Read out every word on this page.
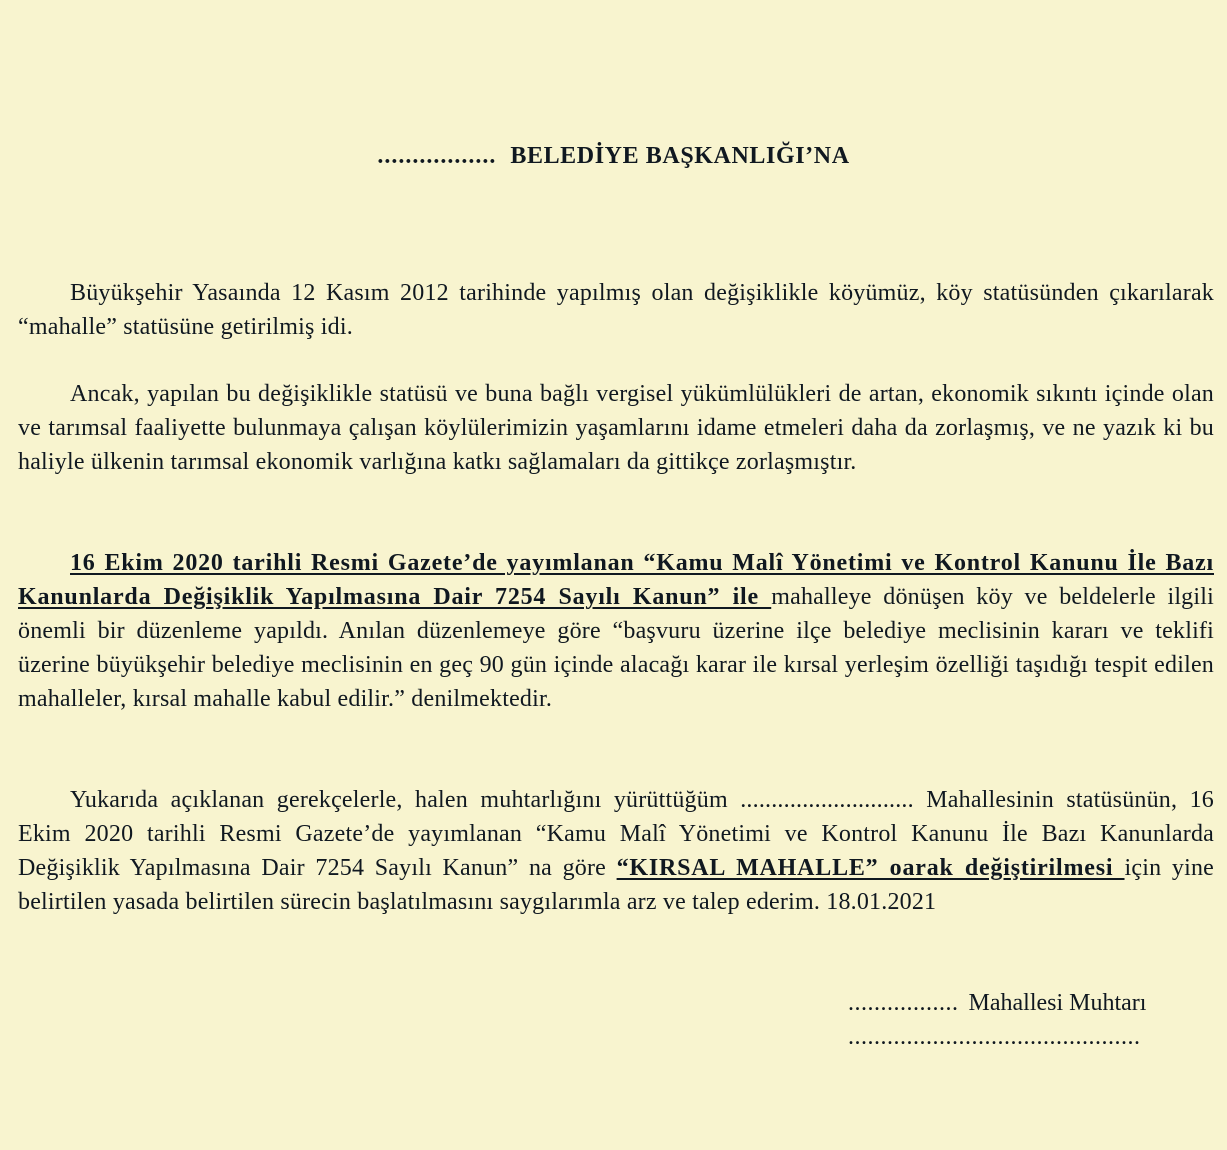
................. BELEDİYE BAŞKANLIĞI’NA
Büyükşehir Yasaında 12 Kasım 2012 tarihinde yapılmış olan değişiklikle köyümüz, köy statüsünden çıkarılarak “mahalle” statüsüne getirilmiş idi.
Ancak, yapılan bu değişiklikle statüsü ve buna bağlı vergisel yükümlülükleri de artan, ekonomik sıkıntı içinde olan ve tarımsal faaliyette bulunmaya çalışan köylülerimizin yaşamlarını idame etmeleri daha da zorlaşmış, ve ne yazık ki bu haliyle ülkenin tarımsal ekonomik varlığına katkı sağlamaları da gittikçe zorlaşmıştır.
16 Ekim 2020 tarihli Resmi Gazete’de yayımlanan “Kamu Malî Yönetimi ve Kontrol Kanunu İle Bazı Kanunlarda Değişiklik Yapılmasına Dair 7254 Sayılı Kanun” ile mahalleye dönüşen köy ve beldelerle ilgili önemli bir düzenleme yapıldı. Anılan düzenlemeye göre “başvuru üzerine ilçe belediye meclisinin kararı ve teklifi üzerine büyükşehir belediye meclisinin en geç 90 gün içinde alacağı karar ile kırsal yerleşim özelliği taşıdığı tespit edilen mahalleler, kırsal mahalle kabul edilir.” denilmektedir.
Yukarıda açıklanan gerekçelerle, halen muhtarlığını yürüttüğüm ............................ Mahallesinin statüsünün, 16 Ekim 2020 tarihli Resmi Gazete’de yayımlanan “Kamu Malî Yönetimi ve Kontrol Kanunu İle Bazı Kanunlarda Değişiklik Yapılmasına Dair 7254 Sayılı Kanun” na göre “KIRSAL MAHALLE” oarak değiştirilmesi için yine belirtilen yasada belirtilen sürecin başlatılmasını saygılarımla arz ve talep ederim. 18.01.2021
................. Mahallesi Muhtarı
.............................................
